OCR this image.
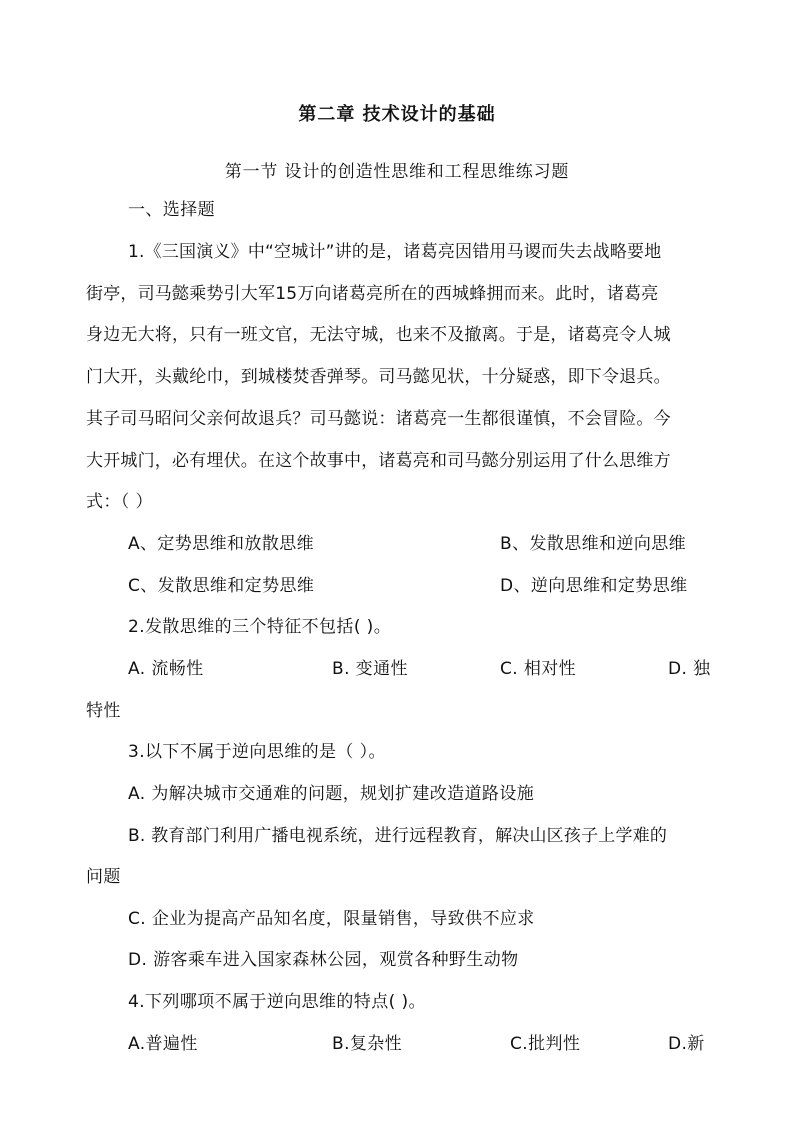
第二章 技术设计的基础
第一节 设计的创造性思维和工程思维练习题
一、选择题
1.《三国演义》中“空城计”讲的是，诸葛亮因错用马谡而失去战略要地
街亭，司马懿乘势引大军15万向诸葛亮所在的西城蜂拥而来。此时，诸葛亮
身边无大将，只有一班文官，无法守城，也来不及撤离。于是，诸葛亮令人城
门大开，头戴纶巾，到城楼焚香弹琴。司马懿见状，十分疑惑，即下令退兵。
其子司马昭问父亲何故退兵？司马懿说：诸葛亮一生都很谨慎，不会冒险。今
大开城门，必有埋伏。在这个故事中，诸葛亮和司马懿分别运用了什么思维方
式：（ ）
A、定势思维和放散思维	B、发散思维和逆向思维
C、发散思维和定势思维	D、逆向思维和定势思维
2.发散思维的三个特征不包括( )。
A. 流畅性	B. 变通性	C. 相对性	D. 独
特性
3.以下不属于逆向思维的是（ ）。
A. 为解决城市交通难的问题，规划扩建改造道路设施
B. 教育部门利用广播电视系统，进行远程教育，解决山区孩子上学难的
问题
C. 企业为提高产品知名度，限量销售，导致供不应求
D. 游客乘车进入国家森林公园，观赏各种野生动物
4.下列哪项不属于逆向思维的特点( )。
A.普遍性	B.复杂性	C.批判性	D.新
